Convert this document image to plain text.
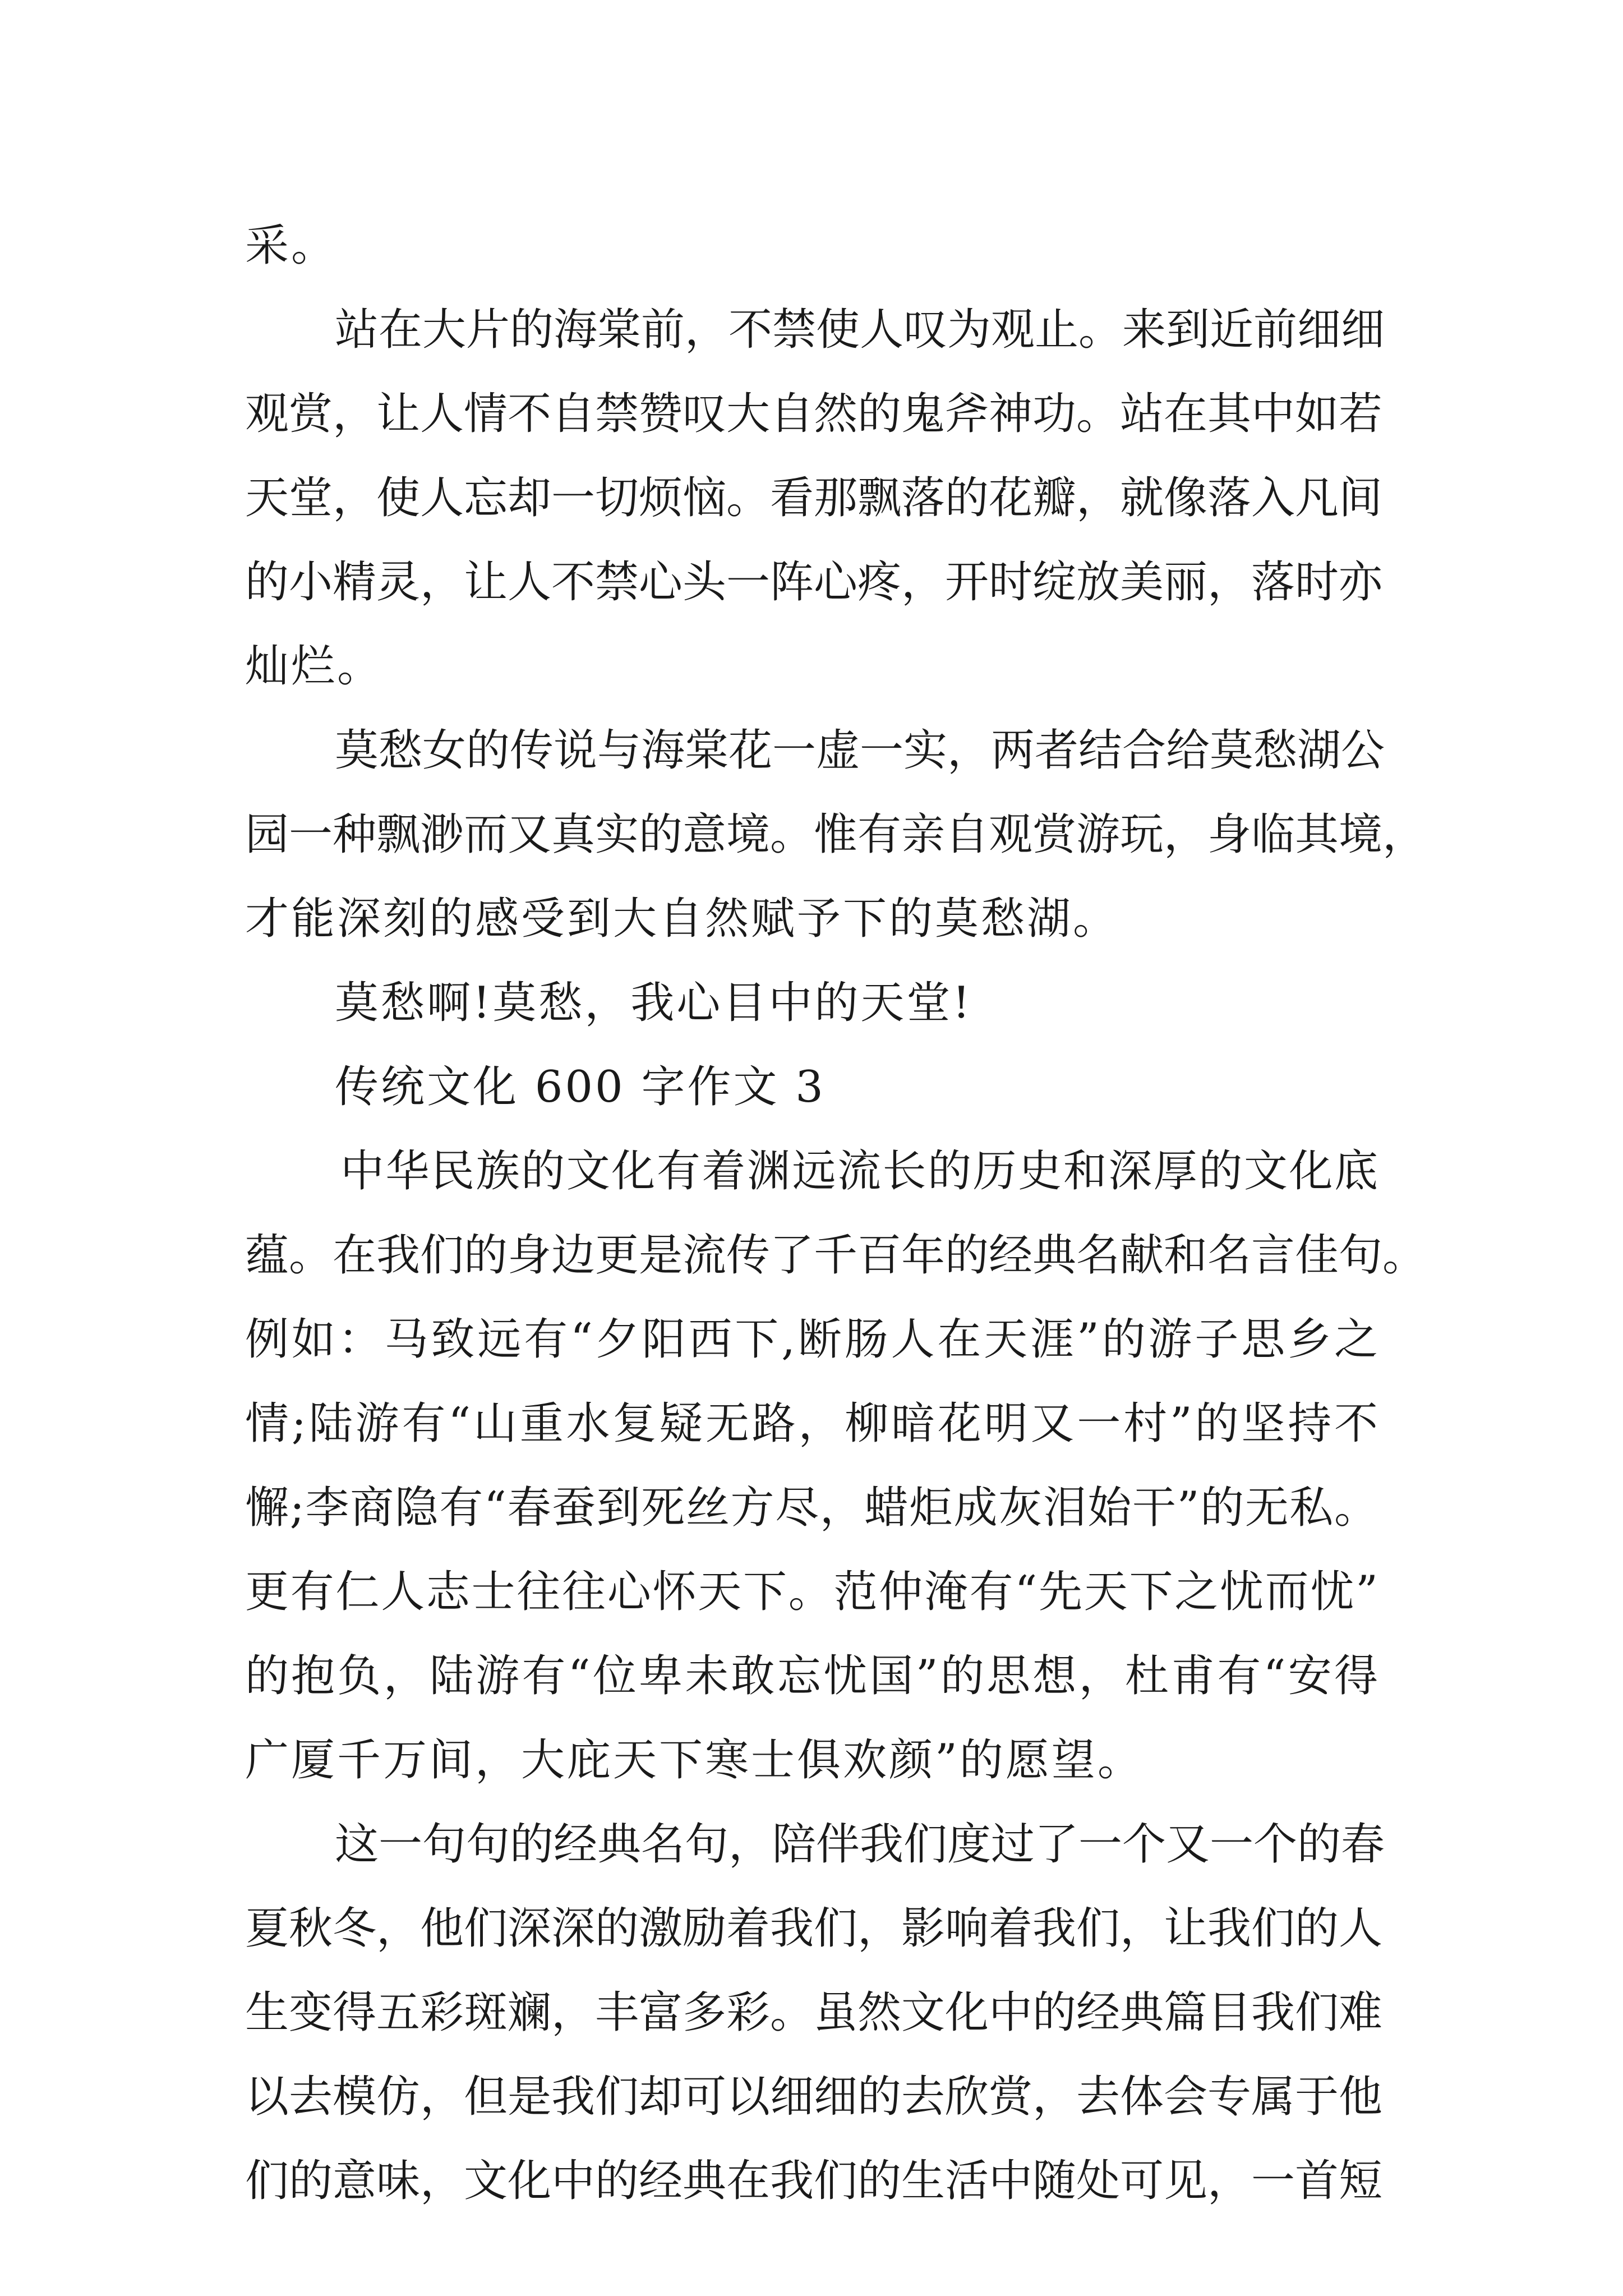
采。
站在大片的海棠前，不禁使人叹为观止。来到近前细细
观赏，让人情不自禁赞叹大自然的鬼斧神功。站在其中如若
天堂，使人忘却一切烦恼。看那飘落的花瓣，就像落入凡间
的小精灵，让人不禁心头一阵心疼，开时绽放美丽，落时亦
灿烂。
莫愁女的传说与海棠花一虚一实，两者结合给莫愁湖公
园一种飘渺而又真实的意境。惟有亲自观赏游玩，身临其境，
才能深刻的感受到大自然赋予下的莫愁湖。
莫愁啊!莫愁，我心目中的天堂!
传统文化 600 字作文 3
中华民族的文化有着渊远流长的历史和深厚的文化底
蕴。在我们的身边更是流传了千百年的经典名献和名言佳句。
例如：马致远有“夕阳西下,断肠人在天涯”的游子思乡之
情;陆游有“山重水复疑无路，柳暗花明又一村”的坚持不
懈;李商隐有“春蚕到死丝方尽，蜡炬成灰泪始干”的无私。
更有仁人志士往往心怀天下。范仲淹有“先天下之忧而忧”
的抱负，陆游有“位卑未敢忘忧国”的思想，杜甫有“安得
广厦千万间，大庇天下寒士俱欢颜”的愿望。
这一句句的经典名句，陪伴我们度过了一个又一个的春
夏秋冬，他们深深的激励着我们，影响着我们，让我们的人
生变得五彩斑斓，丰富多彩。虽然文化中的经典篇目我们难
以去模仿，但是我们却可以细细的去欣赏，去体会专属于他
们的意味，文化中的经典在我们的生活中随处可见，一首短
